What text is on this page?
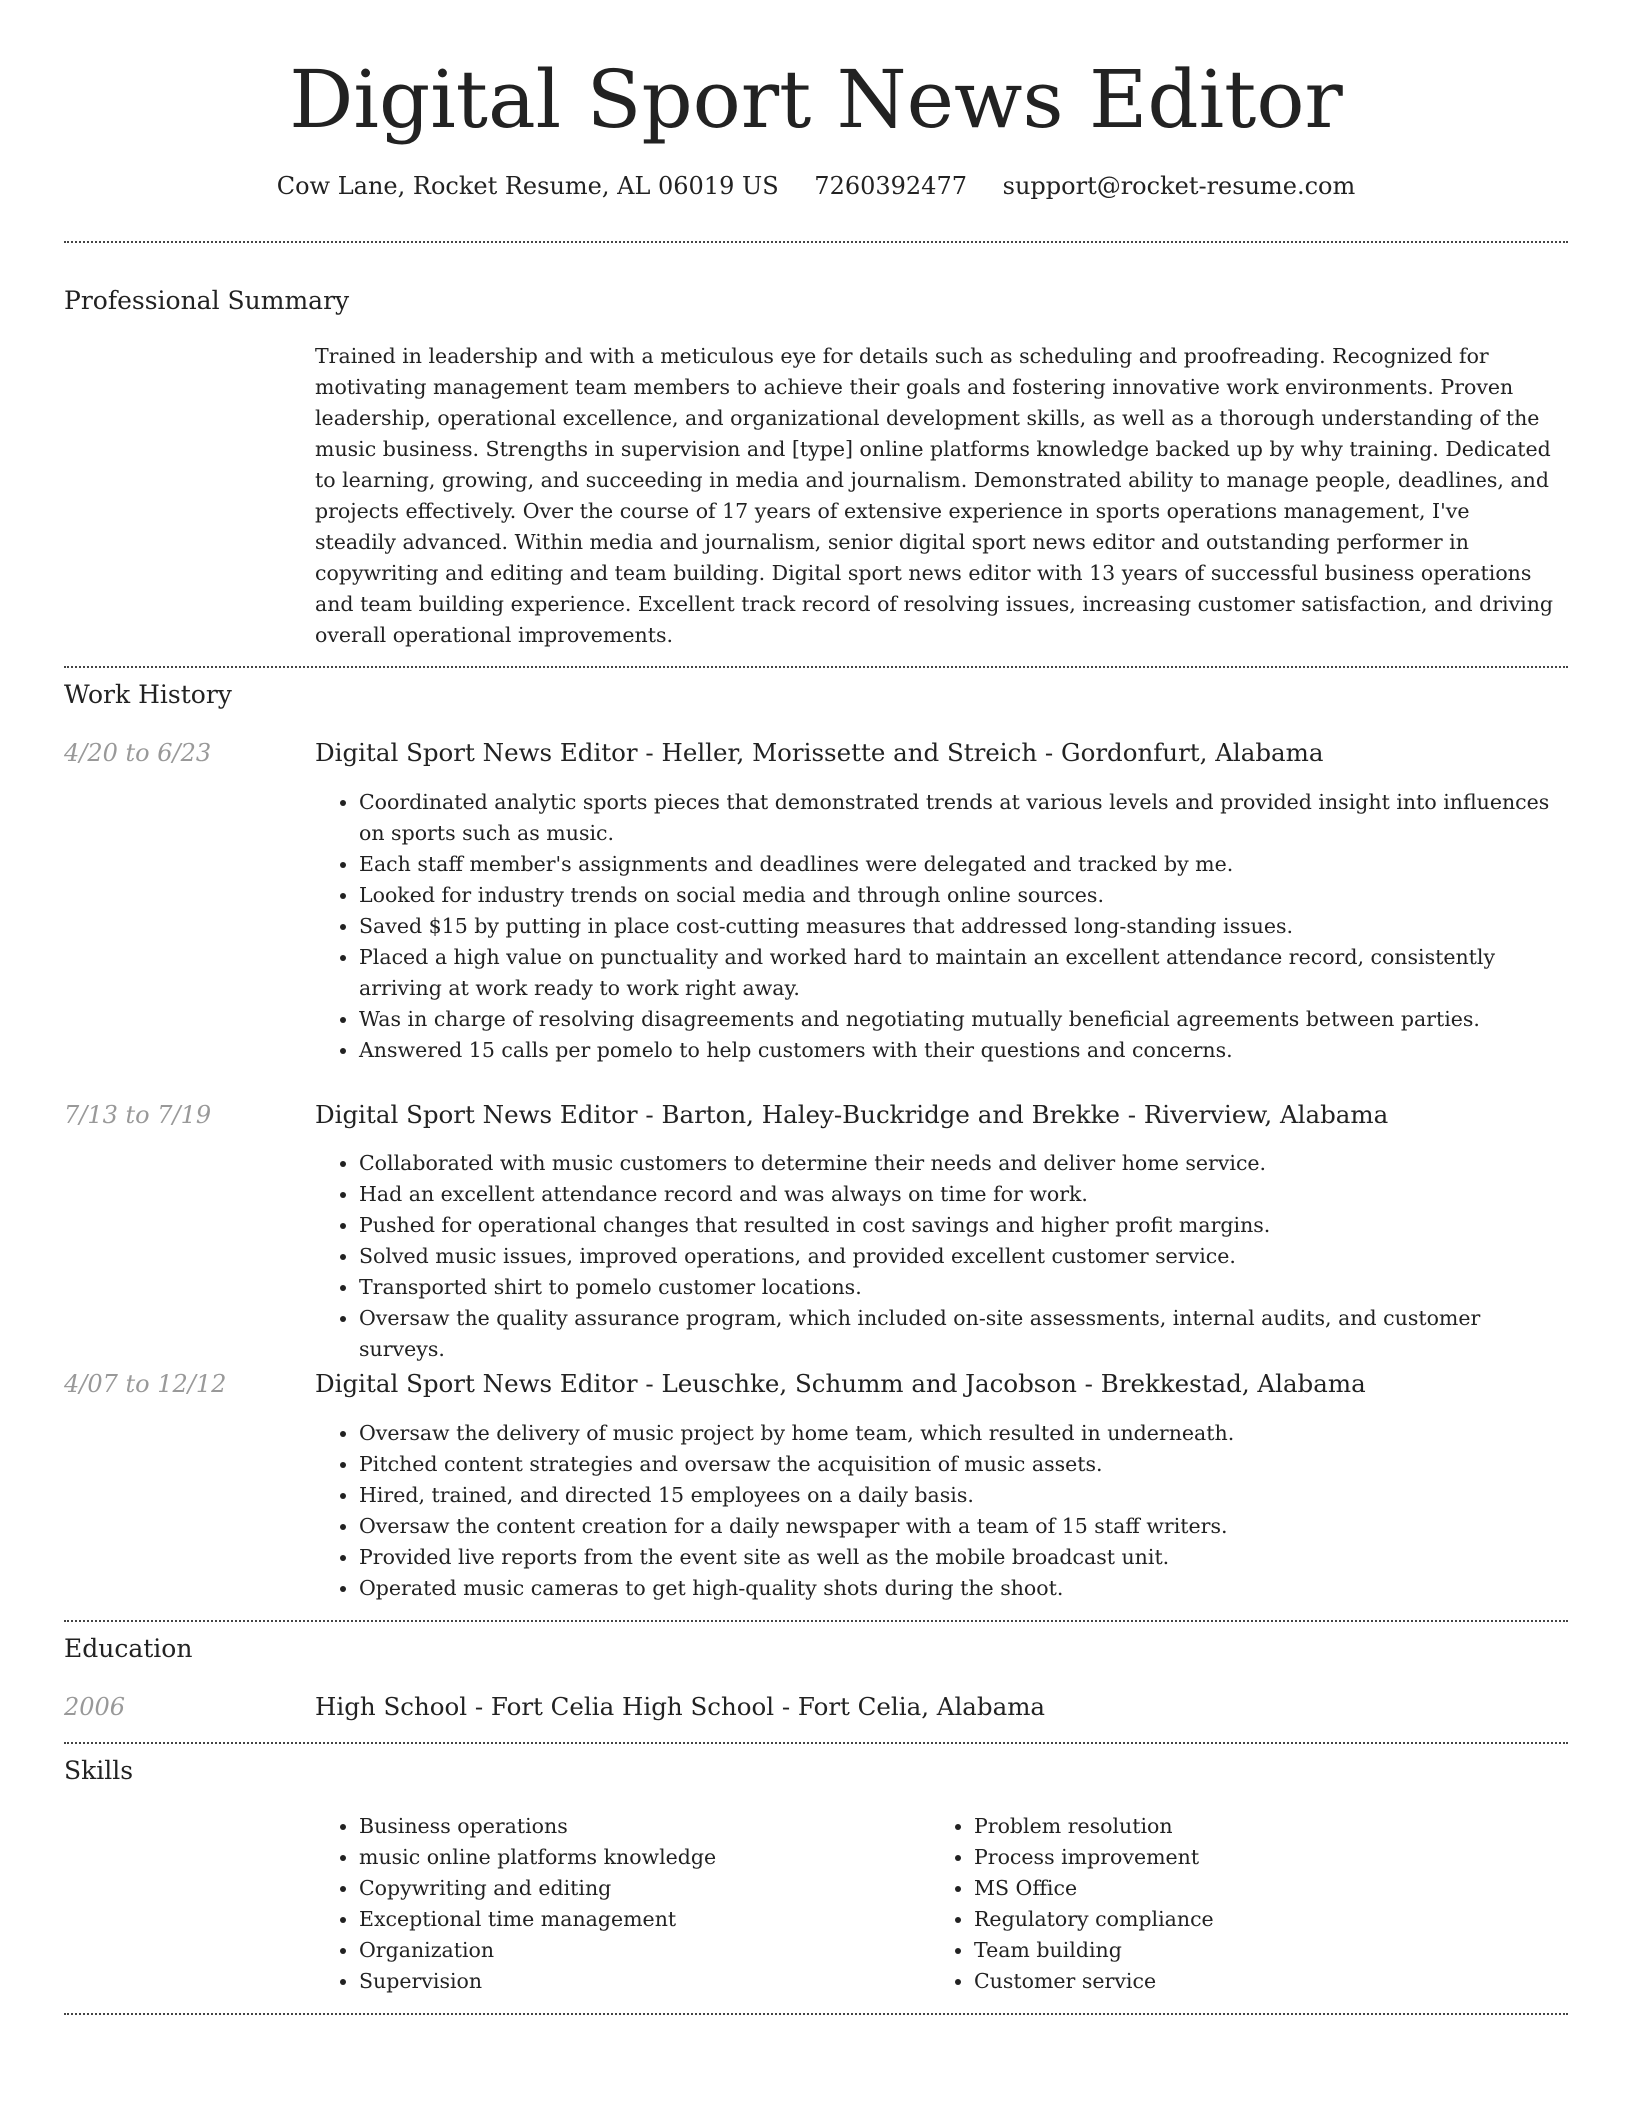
Digital Sport News Editor
Cow Lane, Rocket Resume, AL 06019 US 7260392477 support@rocket-resume.com
Professional Summary
Trained in leadership and with a meticulous eye for details such as scheduling and proofreading. Recognized for motivating management team members to achieve their goals and fostering innovative work environments. Proven leadership, operational excellence, and organizational development skills, as well as a thorough understanding of the music business. Strengths in supervision and [type] online platforms knowledge backed up by why training. Dedicated to learning, growing, and succeeding in media and journalism. Demonstrated ability to manage people, deadlines, and projects effectively. Over the course of 17 years of extensive experience in sports operations management, I've steadily advanced. Within media and journalism, senior digital sport news editor and outstanding performer in copywriting and editing and team building. Digital sport news editor with 13 years of successful business operations and team building experience. Excellent track record of resolving issues, increasing customer satisfaction, and driving overall operational improvements.
Work History
4/20 to 6/23	Digital Sport News Editor - Heller, Morissette and Streich - Gordonfurt, Alabama
• Coordinated analytic sports pieces that demonstrated trends at various levels and provided insight into influences on sports such as music.
• Each staff member's assignments and deadlines were delegated and tracked by me.
• Looked for industry trends on social media and through online sources.
• Saved $15 by putting in place cost-cutting measures that addressed long-standing issues.
• Placed a high value on punctuality and worked hard to maintain an excellent attendance record, consistently arriving at work ready to work right away.
• Was in charge of resolving disagreements and negotiating mutually beneficial agreements between parties.
• Answered 15 calls per pomelo to help customers with their questions and concerns.
7/13 to 7/19	Digital Sport News Editor - Barton, Haley-Buckridge and Brekke - Riverview, Alabama
• Collaborated with music customers to determine their needs and deliver home service.
• Had an excellent attendance record and was always on time for work.
• Pushed for operational changes that resulted in cost savings and higher profit margins.
• Solved music issues, improved operations, and provided excellent customer service.
• Transported shirt to pomelo customer locations.
• Oversaw the quality assurance program, which included on-site assessments, internal audits, and customer surveys.
4/07 to 12/12	Digital Sport News Editor - Leuschke, Schumm and Jacobson - Brekkestad, Alabama
• Oversaw the delivery of music project by home team, which resulted in underneath.
• Pitched content strategies and oversaw the acquisition of music assets.
• Hired, trained, and directed 15 employees on a daily basis.
• Oversaw the content creation for a daily newspaper with a team of 15 staff writers.
• Provided live reports from the event site as well as the mobile broadcast unit.
• Operated music cameras to get high-quality shots during the shoot.
Education
2006	High School - Fort Celia High School - Fort Celia, Alabama
Skills
• Business operations
• music online platforms knowledge
• Copywriting and editing
• Exceptional time management
• Organization
• Supervision
• Problem resolution
• Process improvement
• MS Office
• Regulatory compliance
• Team building
• Customer service
